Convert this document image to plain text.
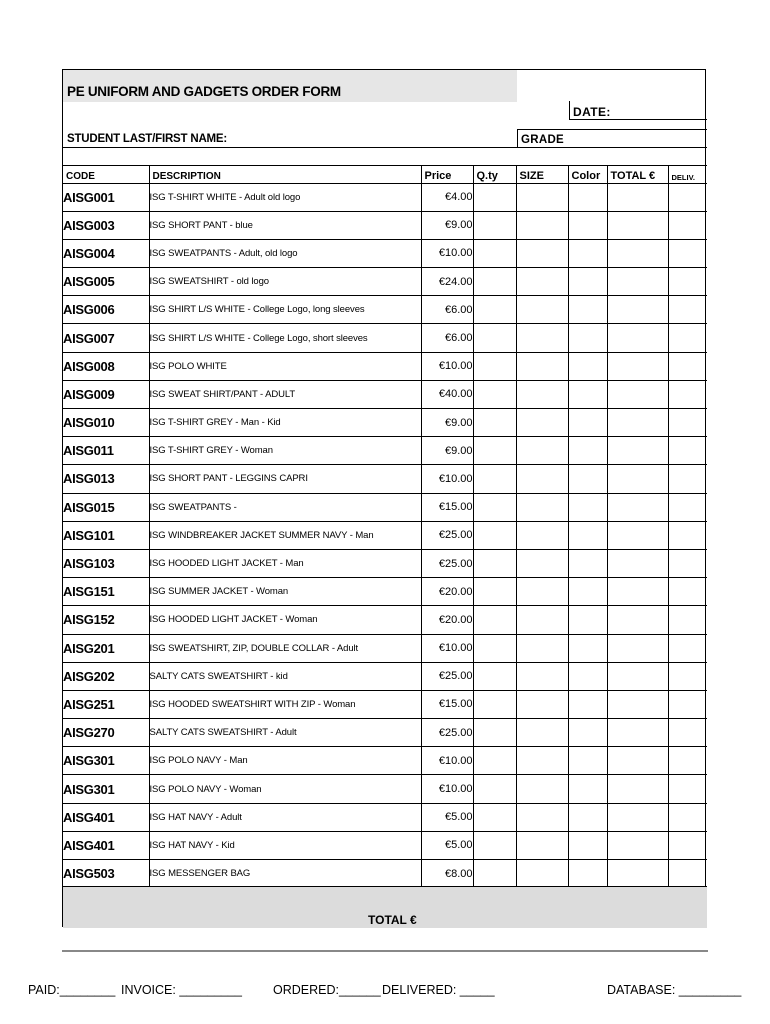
PE UNIFORM AND GADGETS ORDER FORM
DATE:
STUDENT LAST/FIRST NAME:	GRADE
CODE	DESCRIPTION	Price	Q.ty	SIZE	Color	TOTAL €	DELIV.
AISG001	ISG T-SHIRT WHITE - Adult old logo	€4.00					
AISG003	ISG SHORT PANT - blue	€9.00					
AISG004	ISG SWEATPANTS - Adult, old logo	€10.00					
AISG005	ISG SWEATSHIRT - old logo	€24.00					
AISG006	ISG SHIRT L/S WHITE - College Logo, long sleeves	€6.00					
AISG007	ISG SHIRT L/S WHITE - College Logo, short sleeves	€6.00					
AISG008	ISG POLO WHITE	€10.00					
AISG009	ISG SWEAT SHIRT/PANT - ADULT	€40.00					
AISG010	ISG T-SHIRT GREY - Man - Kid	€9.00					
AISG011	ISG T-SHIRT GREY - Woman	€9.00					
AISG013	ISG SHORT PANT - LEGGINS CAPRI	€10.00					
AISG015	ISG SWEATPANTS -	€15.00					
AISG101	ISG WINDBREAKER JACKET SUMMER NAVY - Man	€25.00					
AISG103	ISG HOODED LIGHT JACKET - Man	€25.00					
AISG151	ISG SUMMER JACKET - Woman	€20.00					
AISG152	ISG HOODED LIGHT JACKET - Woman	€20.00					
AISG201	ISG SWEATSHIRT, ZIP, DOUBLE COLLAR - Adult	€10.00					
AISG202	SALTY CATS SWEATSHIRT - kid	€25.00					
AISG251	ISG HOODED SWEATSHIRT WITH ZIP - Woman	€15.00					
AISG270	SALTY CATS SWEATSHIRT - Adult	€25.00					
AISG301	ISG POLO NAVY - Man	€10.00					
AISG301	ISG POLO NAVY - Woman	€10.00					
AISG401	ISG HAT NAVY - Adult	€5.00					
AISG401	ISG HAT NAVY - Kid	€5.00					
AISG503	ISG MESSENGER BAG	€8.00					
TOTAL €
PAID:________ INVOICE: _________ ORDERED:______ DELIVERED: _____	DATABASE: _________
